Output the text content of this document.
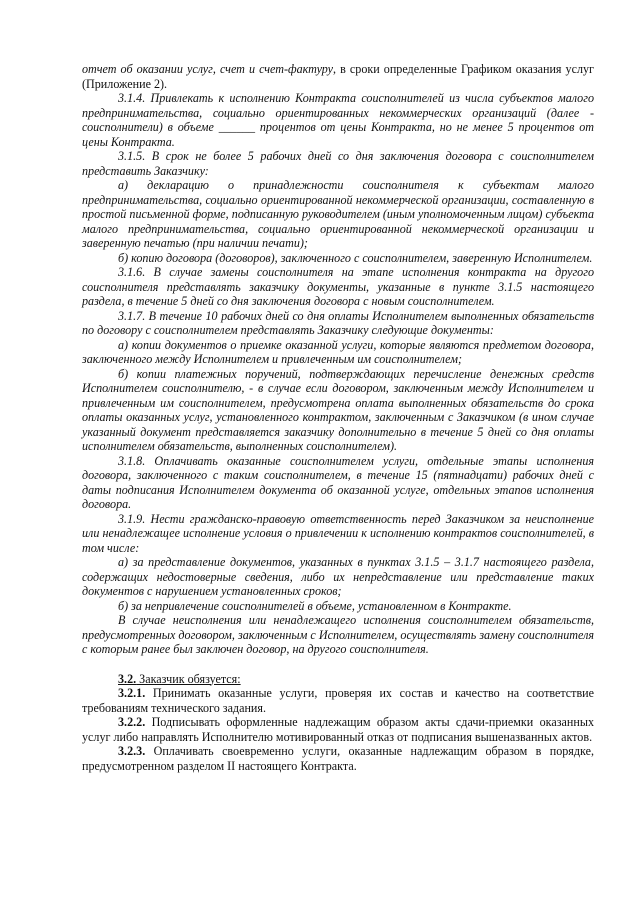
отчет об оказании услуг, счет и счет-фактуру, в сроки определенные Графиком оказания услуг (Приложение 2).

3.1.4. Привлекать к исполнению Контракта соисполнителей из числа субъектов малого предпринимательства, социально ориентированных некоммерческих организаций (далее - соисполнители) в объеме ______ процентов от цены Контракта, но не менее 5 процентов от цены Контракта.

3.1.5. В срок не более 5 рабочих дней со дня заключения договора с соисполнителем представить Заказчику:

а) декларацию о принадлежности соисполнителя к субъектам малого предпринимательства, социально ориентированной некоммерческой организации, составленную в простой письменной форме, подписанную руководителем (иным уполномоченным лицом) субъекта малого предпринимательства, социально ориентированной некоммерческой организации и заверенную печатью (при наличии печати);

б) копию договора (договоров), заключенного с соисполнителем, заверенную Исполнителем.

3.1.6. В случае замены соисполнителя на этапе исполнения контракта на другого соисполнителя представлять заказчику документы, указанные в пункте 3.1.5 настоящего раздела, в течение 5 дней со дня заключения договора с новым соисполнителем.

3.1.7. В течение 10 рабочих дней со дня оплаты Исполнителем выполненных обязательств по договору с соисполнителем представлять Заказчику следующие документы:

а) копии документов о приемке оказанной услуги, которые являются предметом договора, заключенного между Исполнителем и привлеченным им соисполнителем;

б) копии платежных поручений, подтверждающих перечисление денежных средств Исполнителем соисполнителю, - в случае если договором, заключенным между Исполнителем и привлеченным им соисполнителем, предусмотрена оплата выполненных обязательств до срока оплаты оказанных услуг, установленного контрактом, заключенным с Заказчиком (в ином случае указанный документ представляется заказчику дополнительно в течение 5 дней со дня оплаты исполнителем обязательств, выполненных соисполнителем).

3.1.8. Оплачивать оказанные соисполнителем услуги, отдельные этапы исполнения договора, заключенного с таким соисполнителем, в течение 15 (пятнадцати) рабочих дней с даты подписания Исполнителем документа об оказанной услуге, отдельных этапов исполнения договора.

3.1.9. Нести гражданско-правовую ответственность перед Заказчиком за неисполнение или ненадлежащее исполнение условия о привлечении к исполнению контрактов соисполнителей, в том числе:

а) за представление документов, указанных в пунктах 3.1.5 – 3.1.7 настоящего раздела, содержащих недостоверные сведения, либо их непредставление или представление таких документов с нарушением установленных сроков;

б) за непривлечение соисполнителей в объеме, установленном в Контракте.

В случае неисполнения или ненадлежащего исполнения соисполнителем обязательств, предусмотренных договором, заключенным с Исполнителем, осуществлять замену соисполнителя с которым ранее был заключен договор, на другого соисполнителя.

3.2. Заказчик обязуется:

3.2.1. Принимать оказанные услуги, проверяя их состав и качество на соответствие требованиям технического задания.

3.2.2. Подписывать оформленные надлежащим образом акты сдачи-приемки оказанных услуг либо направлять Исполнителю мотивированный отказ от подписания вышеназванных актов.

3.2.3. Оплачивать своевременно услуги, оказанные надлежащим образом в порядке, предусмотренном разделом II настоящего Контракта.
